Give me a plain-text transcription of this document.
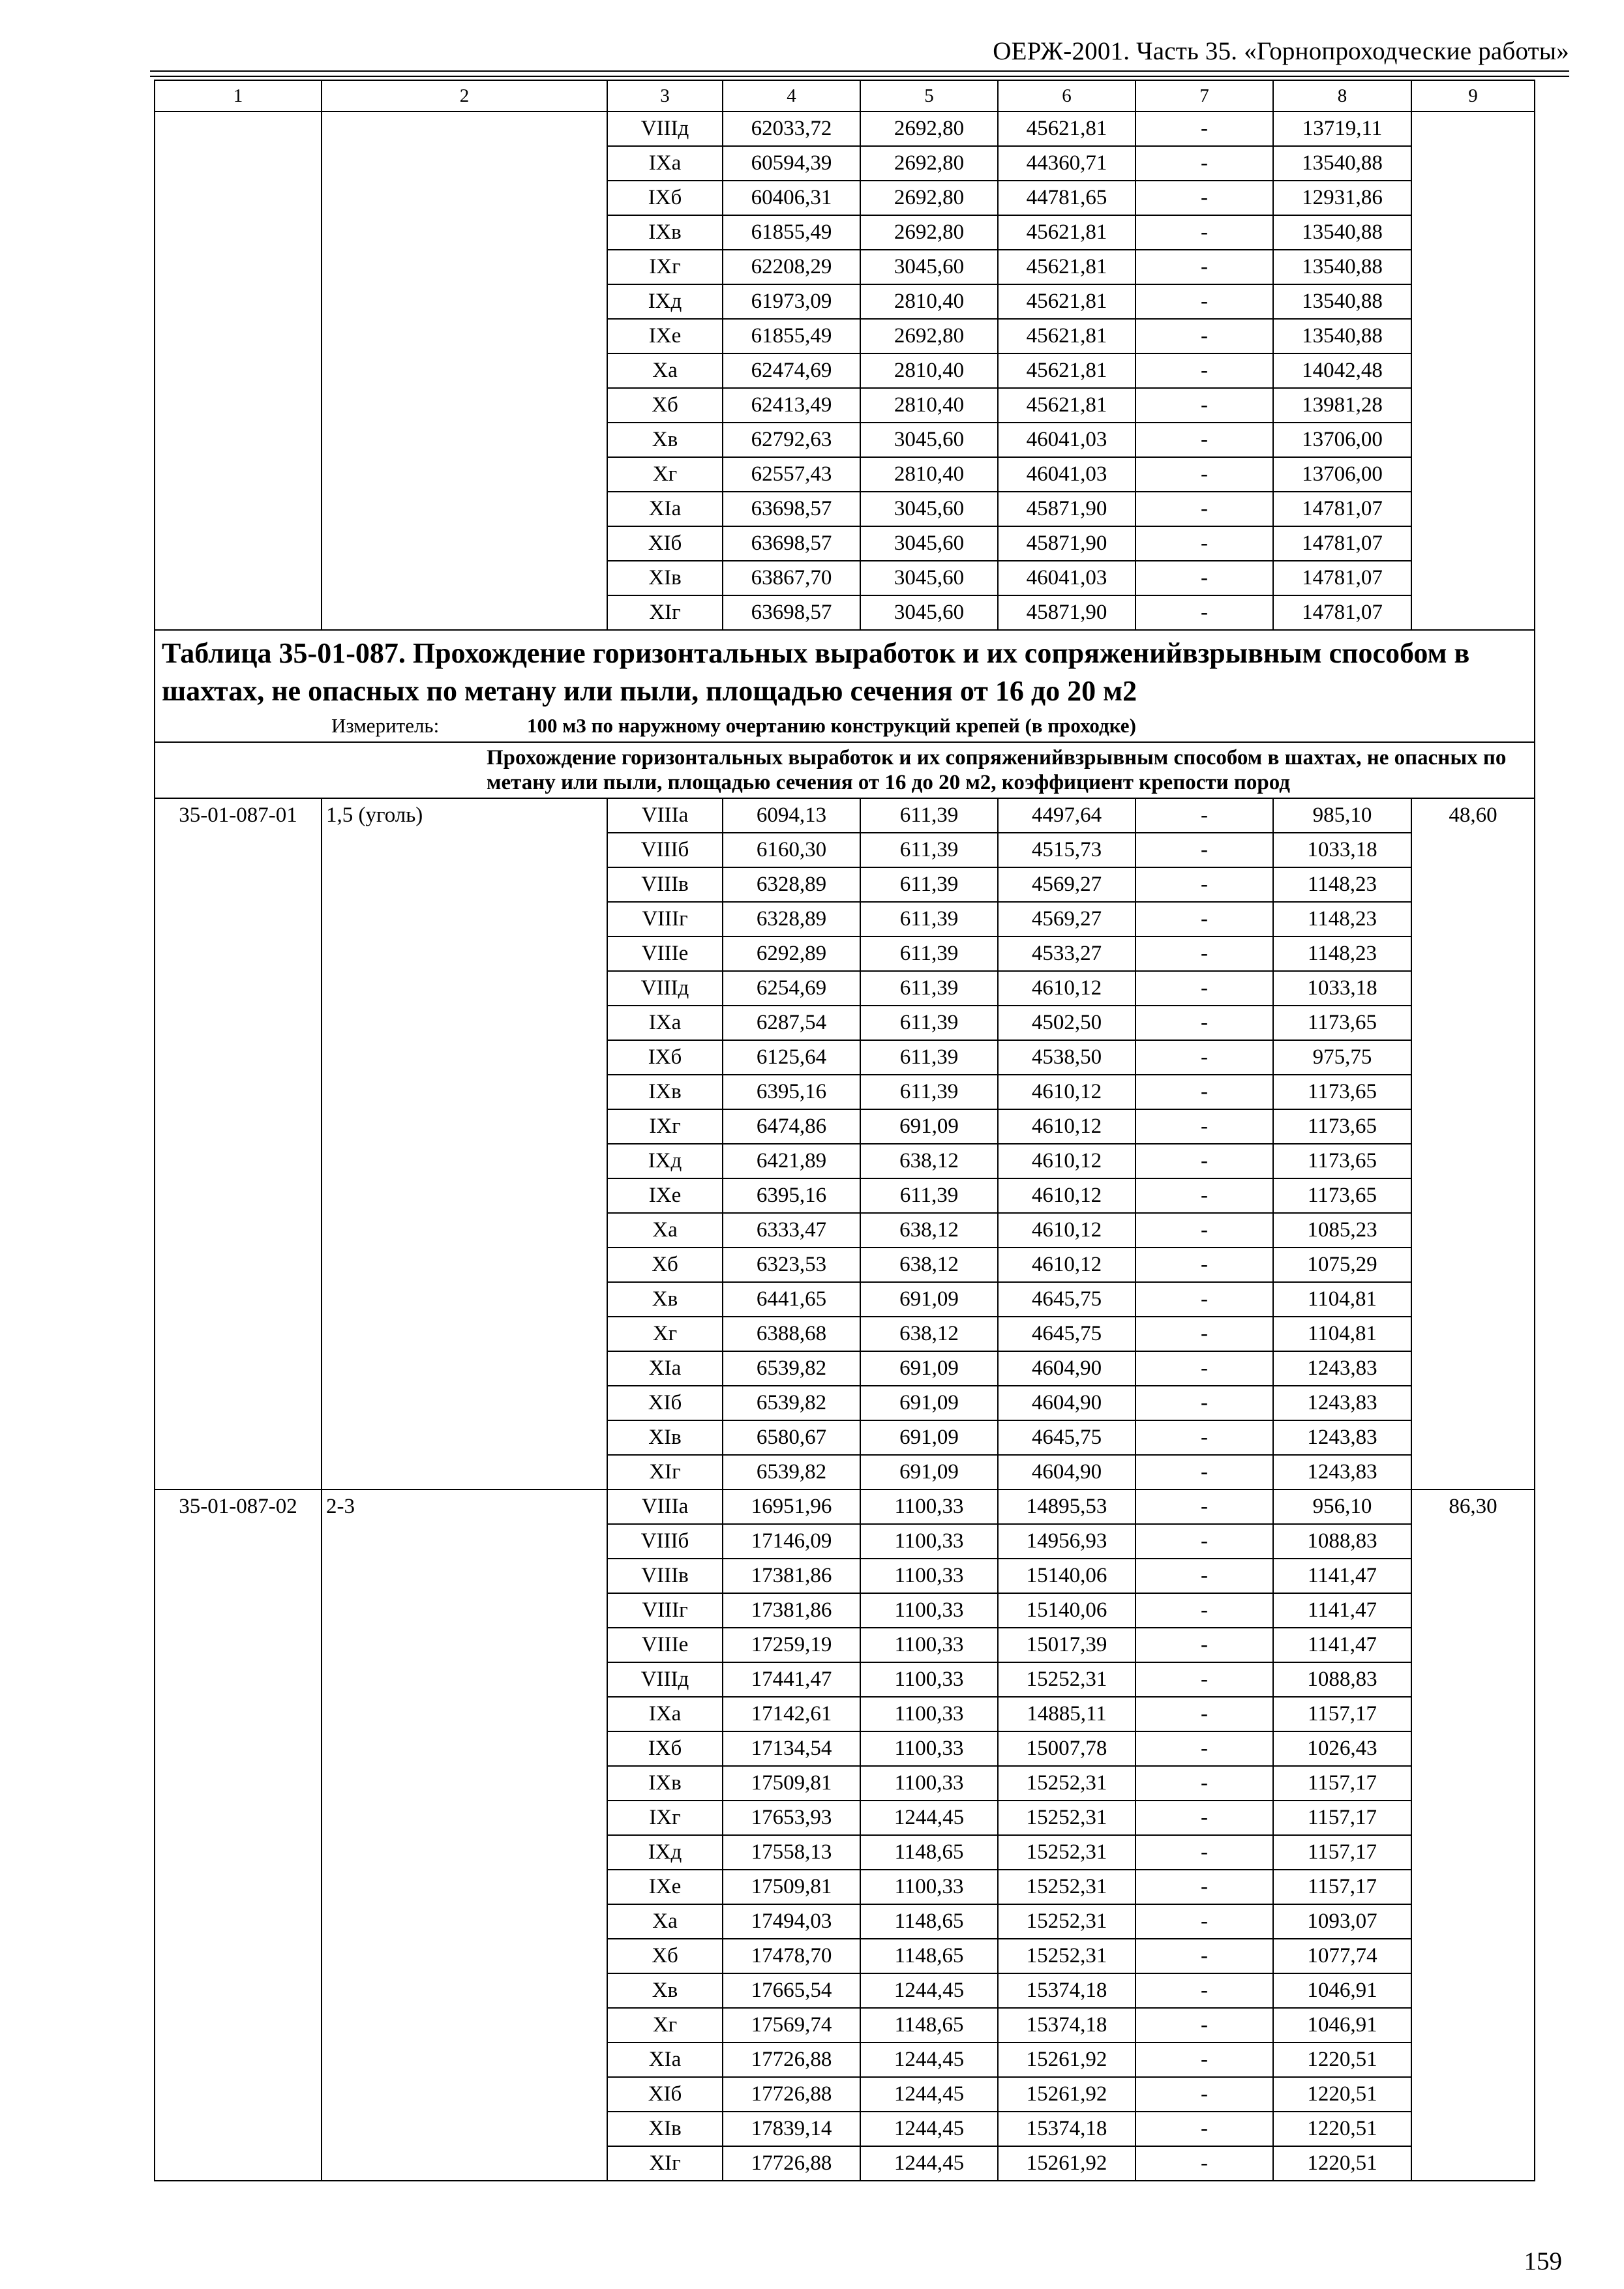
ОЕРЖ-2001. Часть 35. «Горнопроходческие работы»
1	2	3	4	5	6	7	8	9
		VIIIд	62033,72	2692,80	45621,81	-	13719,11	
		IXа	60594,39	2692,80	44360,71	-	13540,88	
		IXб	60406,31	2692,80	44781,65	-	12931,86	
		IXв	61855,49	2692,80	45621,81	-	13540,88	
		IXг	62208,29	3045,60	45621,81	-	13540,88	
		IXд	61973,09	2810,40	45621,81	-	13540,88	
		IXе	61855,49	2692,80	45621,81	-	13540,88	
		Xа	62474,69	2810,40	45621,81	-	14042,48	
		Xб	62413,49	2810,40	45621,81	-	13981,28	
		Xв	62792,63	3045,60	46041,03	-	13706,00	
		Xг	62557,43	2810,40	46041,03	-	13706,00	
		XIа	63698,57	3045,60	45871,90	-	14781,07	
		XIб	63698,57	3045,60	45871,90	-	14781,07	
		XIв	63867,70	3045,60	46041,03	-	14781,07	
		XIг	63698,57	3045,60	45871,90	-	14781,07	

Таблица 35-01-087. Прохождение горизонтальных выработок и их сопряженийвзрывным способом в шахтах, не опасных по метану или пыли, площадью сечения от 16 до 20 м2
Измеритель: 100 м3 по наружному очертанию конструкций крепей (в проходке)								

Прохождение горизонтальных выработок и их сопряженийвзрывным способом в шахтах, не опасных по метану или пыли, площадью сечения от 16 до 20 м2, коэффициент крепости пород								
35-01-087-01	1,5 (уголь)	VIIIа	6094,13	611,39	4497,64	-	985,10	48,60
		VIIIб	6160,30	611,39	4515,73	-	1033,18	
		VIIIв	6328,89	611,39	4569,27	-	1148,23	
		VIIIг	6328,89	611,39	4569,27	-	1148,23	
		VIIIе	6292,89	611,39	4533,27	-	1148,23	
		VIIIд	6254,69	611,39	4610,12	-	1033,18	
		IXа	6287,54	611,39	4502,50	-	1173,65	
		IXб	6125,64	611,39	4538,50	-	975,75	
		IXв	6395,16	611,39	4610,12	-	1173,65	
		IXг	6474,86	691,09	4610,12	-	1173,65	
		IXд	6421,89	638,12	4610,12	-	1173,65	
		IXе	6395,16	611,39	4610,12	-	1173,65	
		Xа	6333,47	638,12	4610,12	-	1085,23	
		Xб	6323,53	638,12	4610,12	-	1075,29	
		Xв	6441,65	691,09	4645,75	-	1104,81	
		Xг	6388,68	638,12	4645,75	-	1104,81	
		XIа	6539,82	691,09	4604,90	-	1243,83	
		XIб	6539,82	691,09	4604,90	-	1243,83	
		XIв	6580,67	691,09	4645,75	-	1243,83	
		XIг	6539,82	691,09	4604,90	-	1243,83	
35-01-087-02	2-3	VIIIа	16951,96	1100,33	14895,53	-	956,10	86,30
		VIIIб	17146,09	1100,33	14956,93	-	1088,83	
		VIIIв	17381,86	1100,33	15140,06	-	1141,47	
		VIIIг	17381,86	1100,33	15140,06	-	1141,47	
		VIIIе	17259,19	1100,33	15017,39	-	1141,47	
		VIIIд	17441,47	1100,33	15252,31	-	1088,83	
		IXа	17142,61	1100,33	14885,11	-	1157,17	
		IXб	17134,54	1100,33	15007,78	-	1026,43	
		IXв	17509,81	1100,33	15252,31	-	1157,17	
		IXг	17653,93	1244,45	15252,31	-	1157,17	
		IXд	17558,13	1148,65	15252,31	-	1157,17	
		IXе	17509,81	1100,33	15252,31	-	1157,17	
		Xа	17494,03	1148,65	15252,31	-	1093,07	
		Xб	17478,70	1148,65	15252,31	-	1077,74	
		Xв	17665,54	1244,45	15374,18	-	1046,91	
		Xг	17569,74	1148,65	15374,18	-	1046,91	
		XIа	17726,88	1244,45	15261,92	-	1220,51	
		XIб	17726,88	1244,45	15261,92	-	1220,51	
		XIв	17839,14	1244,45	15374,18	-	1220,51	
		XIг	17726,88	1244,45	15261,92	-	1220,51	
159
